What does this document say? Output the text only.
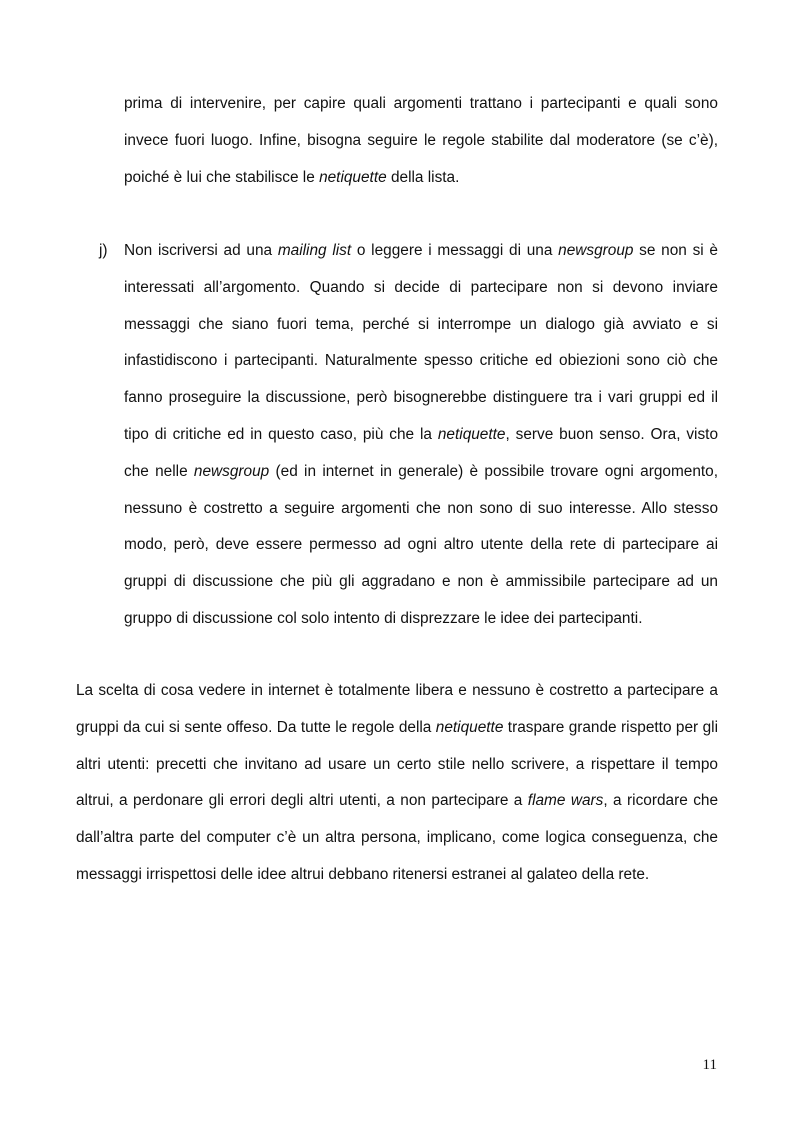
prima di intervenire, per capire quali argomenti trattano i partecipanti e quali sono invece fuori luogo. Infine, bisogna seguire le regole stabilite dal moderatore (se c’è), poiché è lui che stabilisce le netiquette della lista.

j) Non iscriversi ad una mailing list o leggere i messaggi di una newsgroup se non si è interessati all’argomento. Quando si decide di partecipare non si devono inviare messaggi che siano fuori tema, perché si interrompe un dialogo già avviato e si infastidiscono i partecipanti. Naturalmente spesso critiche ed obiezioni sono ciò che fanno proseguire la discussione, però bisognerebbe distinguere tra i vari gruppi ed il tipo di critiche ed in questo caso, più che la netiquette, serve buon senso. Ora, visto che nelle newsgroup (ed in internet in generale) è possibile trovare ogni argomento, nessuno è costretto a seguire argomenti che non sono di suo interesse. Allo stesso modo, però, deve essere permesso ad ogni altro utente della rete di partecipare ai gruppi di discussione che più gli aggradano e non è ammissibile partecipare ad un gruppo di discussione col solo intento di disprezzare le idee dei partecipanti.

La scelta di cosa vedere in internet è totalmente libera e nessuno è costretto a partecipare a gruppi da cui si sente offeso. Da tutte le regole della netiquette traspare grande rispetto per gli altri utenti: precetti che invitano ad usare un certo stile nello scrivere, a rispettare il tempo altrui, a perdonare gli errori degli altri utenti, a non partecipare a flame wars, a ricordare che dall’altra parte del computer c’è un altra persona, implicano, come logica conseguenza, che messaggi irrispettosi delle idee altrui debbano ritenersi estranei al galateo della rete.

11
